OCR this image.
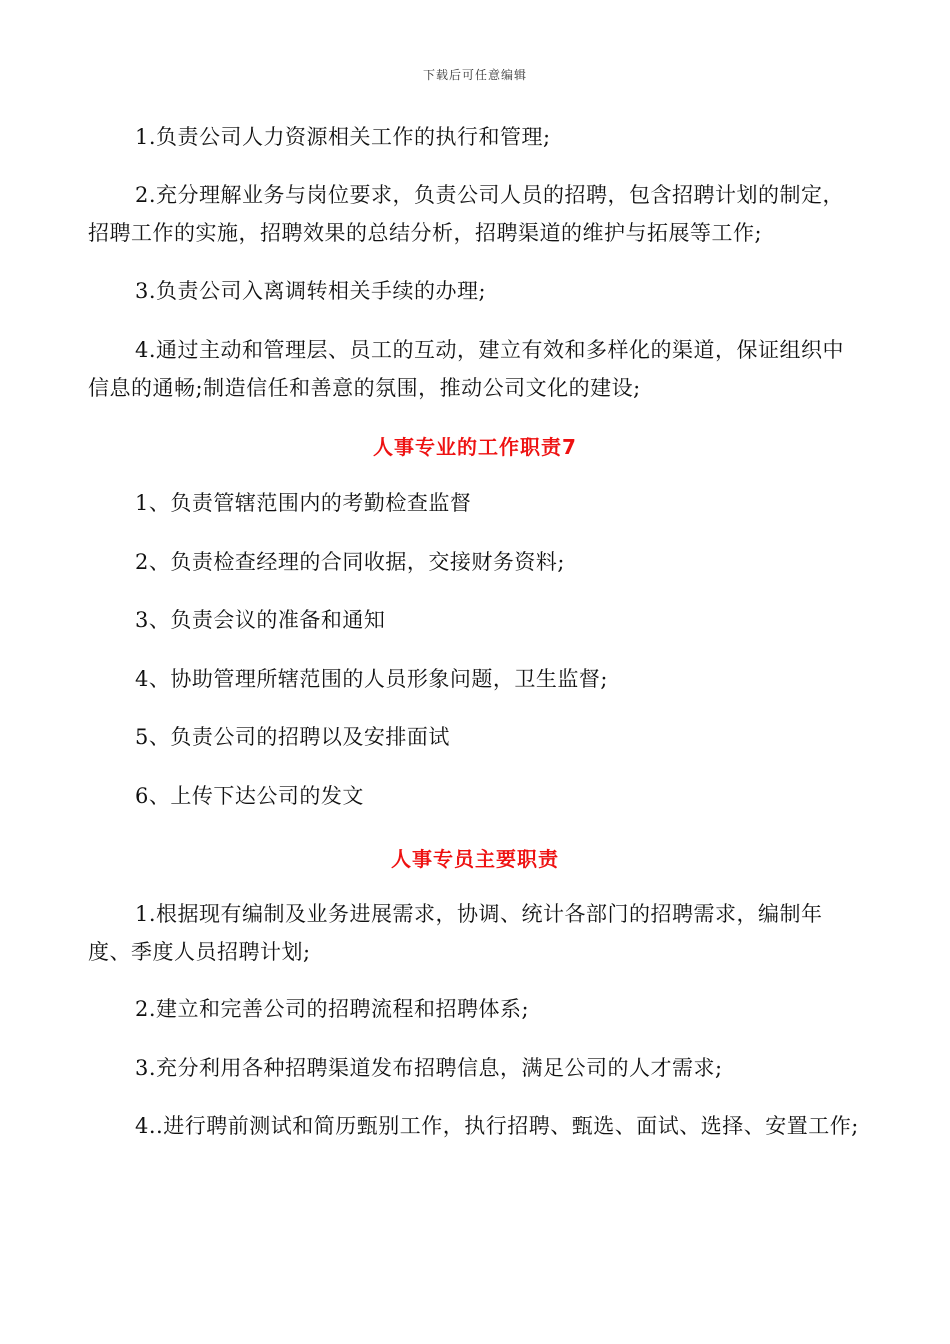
下载后可任意编辑
1.负责公司人力资源相关工作的执行和管理;
2.充分理解业务与岗位要求，负责公司人员的招聘，包含招聘计划的制定，招聘工作的实施，招聘效果的总结分析，招聘渠道的维护与拓展等工作;
3.负责公司入离调转相关手续的办理;
4.通过主动和管理层、员工的互动，建立有效和多样化的渠道，保证组织中信息的通畅;制造信任和善意的氛围，推动公司文化的建设;
人事专业的工作职责7
1、负责管辖范围内的考勤检查监督
2、负责检查经理的合同收据，交接财务资料;
3、负责会议的准备和通知
4、协助管理所辖范围的人员形象问题，卫生监督;
5、负责公司的招聘以及安排面试
6、上传下达公司的发文
人事专员主要职责
1.根据现有编制及业务进展需求，协调、统计各部门的招聘需求，编制年度、季度人员招聘计划;
2.建立和完善公司的招聘流程和招聘体系;
3.充分利用各种招聘渠道发布招聘信息，满足公司的人才需求;
4..进行聘前测试和简历甄别工作，执行招聘、甄选、面试、选择、安置工作;
